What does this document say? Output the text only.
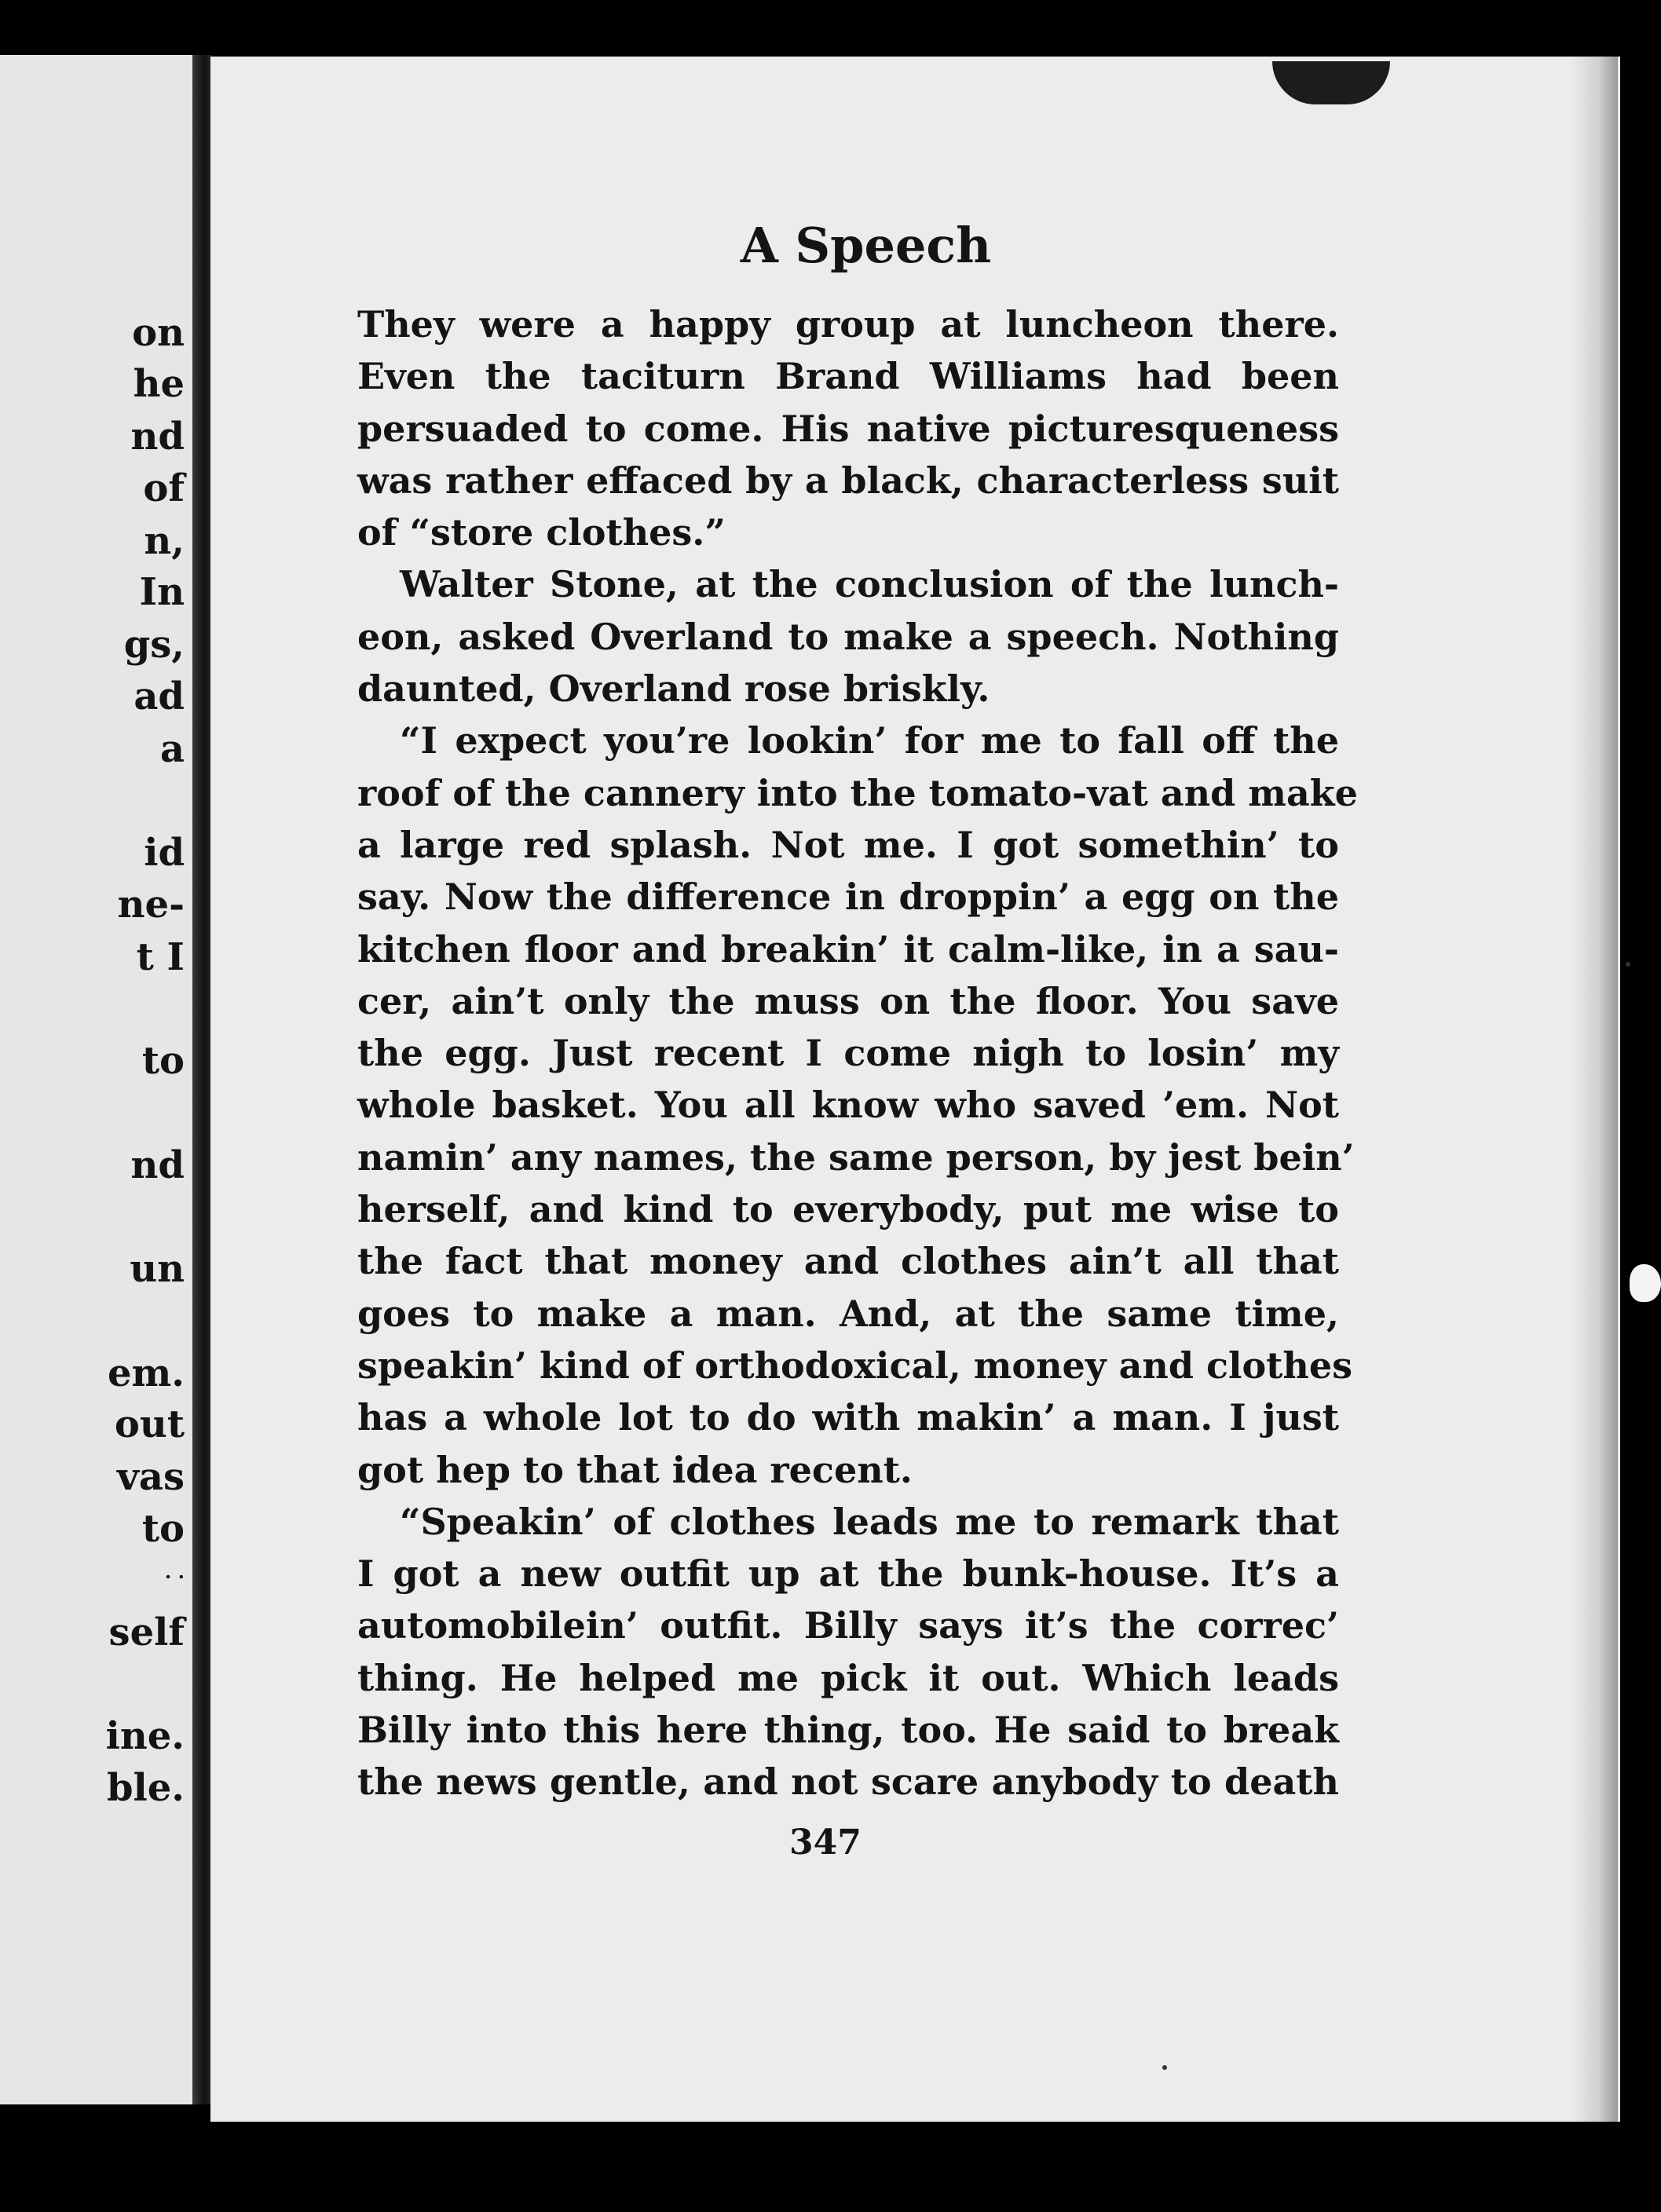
on
he
nd
of
n,
In
gs,
ad
a
id
ne-
t I
to
nd
un
em.
out
vas
to
. .
self
ine.
ble.
A Speech
They were a happy group at luncheon there.
Even the taciturn Brand Williams had been
persuaded to come. His native picturesqueness
was rather effaced by a black, characterless suit
of “store clothes.”
Walter Stone, at the conclusion of the lunch-
eon, asked Overland to make a speech. Nothing
daunted, Overland rose briskly.
“I expect you’re lookin’ for me to fall off the
roof of the cannery into the tomato-vat and make
a large red splash. Not me. I got somethin’ to
say. Now the difference in droppin’ a egg on the
kitchen floor and breakin’ it calm-like, in a sau-
cer, ain’t only the muss on the floor. You save
the egg. Just recent I come nigh to losin’ my
whole basket. You all know who saved ’em. Not
namin’ any names, the same person, by jest bein’
herself, and kind to everybody, put me wise to
the fact that money and clothes ain’t all that
goes to make a man. And, at the same time,
speakin’ kind of orthodoxical, money and clothes
has a whole lot to do with makin’ a man. I just
got hep to that idea recent.
“Speakin’ of clothes leads me to remark that
I got a new outfit up at the bunk-house. It’s a
automobilein’ outfit. Billy says it’s the correc’
thing. He helped me pick it out. Which leads
Billy into this here thing, too. He said to break
the news gentle, and not scare anybody to death
347
